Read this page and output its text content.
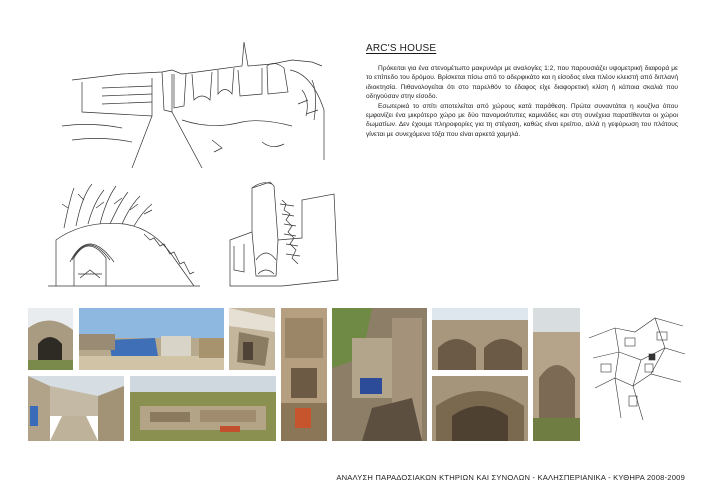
ARC'S HOUSE

Πρόκειται για ένα στενομέτωπο μακρυνάρι με αναλογίες 1:2, που παρουσιάζει υψομετρική διαφορά με το επίπεδο του δρόμου. Βρίσκεται πίσω από το αδερφικάτο και η είσοδος είναι πλέον κλειστή από διπλανή ιδιοκτησία. Πιθανολογείται ότι στο παρελθόν το έδαφος είχε διαφορετική κλίση ή κάποια σκαλιά που οδηγούσαν στην είσοδο.

Εσωτερικά το σπίτι αποτελείται από χώρους κατά παράθεση. Πρώτα συναντάται η κουζίνα όπου εμφανίζει ένα μικρότερο χώρο με δύο πανομοιότυπες καμινάδες και στη συνέχεια παρατίθενται οι χώροι δωματίων. Δεν έχουμε πληροφορίες για τη στέγαση, καθώς είναι ερείπιο, αλλά η γεφύρωση του πλάτους γίνεται με συνεχόμενα τόξα που είναι αρκετά χαμηλά.

ΑΝΑΛΥΣΗ ΠΑΡΑΔΟΣΙΑΚΩΝ ΚΤΗΡΙΩΝ ΚΑΙ ΣΥΝΟΛΩΝ - ΚΑΛΗΣΠΕΡΙΑΝΙΚΑ - ΚΥΘΗΡΑ 2008-2009
